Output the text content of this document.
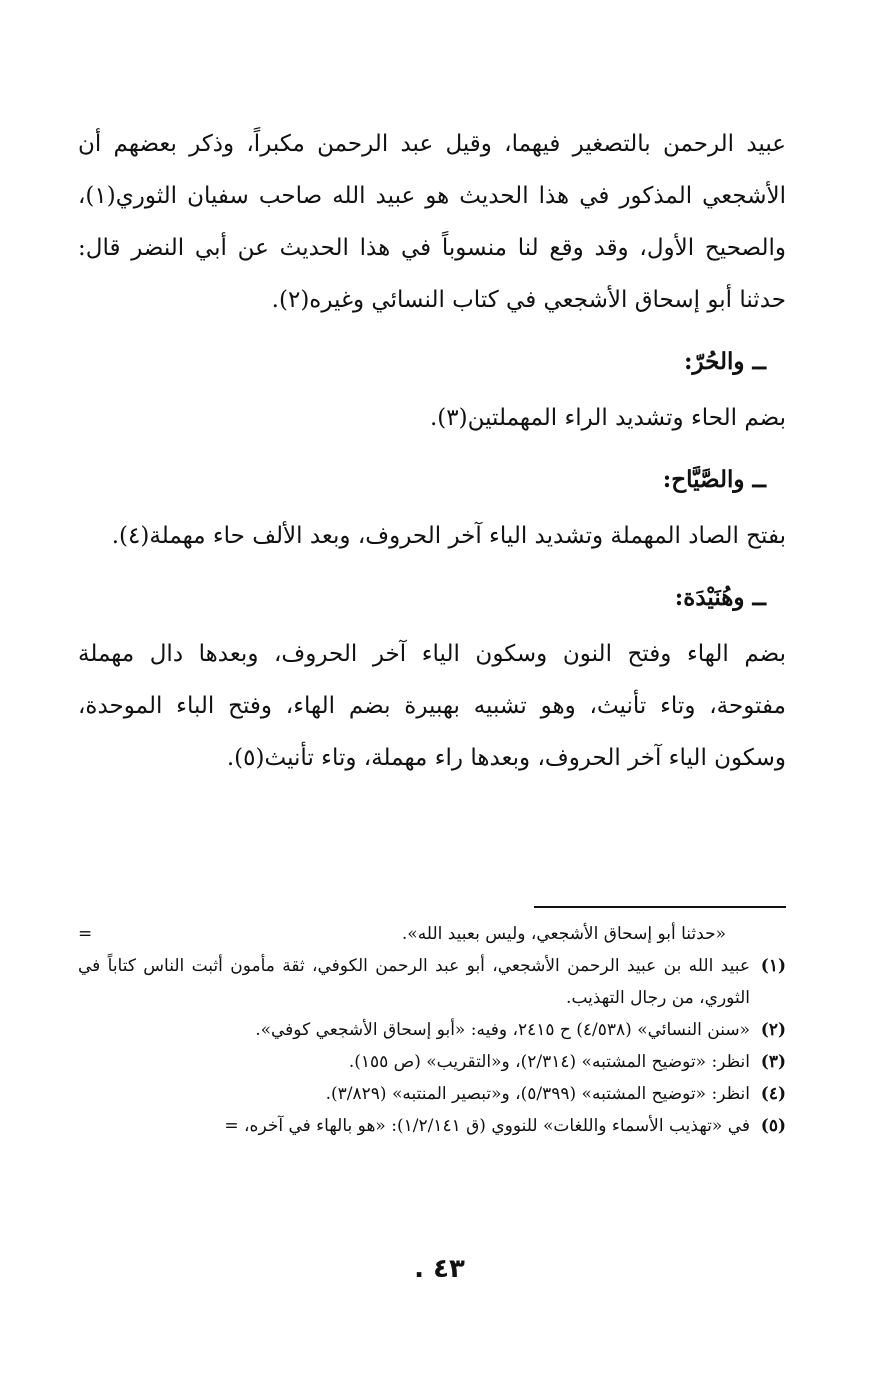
عبيد الرحمن بالتصغير فيهما، وقيل عبد الرحمن مكبراً، وذكر بعضهم أن الأشجعي المذكور في هذا الحديث هو عبيد الله صاحب سفيان الثوري(١)، والصحيح الأول، وقد وقع لنا منسوباً في هذا الحديث عن أبي النضر قال: حدثنا أبو إسحاق الأشجعي في كتاب النسائي وغيره(٢).

ــ والحُرّ:

بضم الحاء وتشديد الراء المهملتين(٣).

ــ والصَّيَّاح:

بفتح الصاد المهملة وتشديد الياء آخر الحروف، وبعد الألف حاء مهملة(٤).

ــ وهُنَيْدَة:

بضم الهاء وفتح النون وسكون الياء آخر الحروف، وبعدها دال مهملة مفتوحة، وتاء تأنيث، وهو تشبيه بهبيرة بضم الهاء، وفتح الباء الموحدة، وسكون الياء آخر الحروف، وبعدها راء مهملة، وتاء تأنيث(٥).

=	«حدثنا أبو إسحاق الأشجعي، وليس بعبيد الله».

(١)
عبيد الله بن عبيد الرحمن الأشجعي، أبو عبد الرحمن الكوفي، ثقة مأمون أثبت الناس كتاباً في الثوري، من رجال التهذيب.

(٢)
«سنن النسائي» (٤/٥٣٨) ح ٢٤١٥، وفيه: «أبو إسحاق الأشجعي كوفي».

(٣)
انظر: «توضيح المشتبه» (٢/٣١٤)، و«التقريب» (ص ١٥٥).

(٤)
انظر: «توضيح المشتبه» (٥/٣٩٩)، و«تبصير المنتبه» (٣/٨٢٩).

(٥)
في «تهذيب الأسماء واللغات» للنووي (ق ١/٢/١٤١): «هو بالهاء في آخره، =

٤٣ .
